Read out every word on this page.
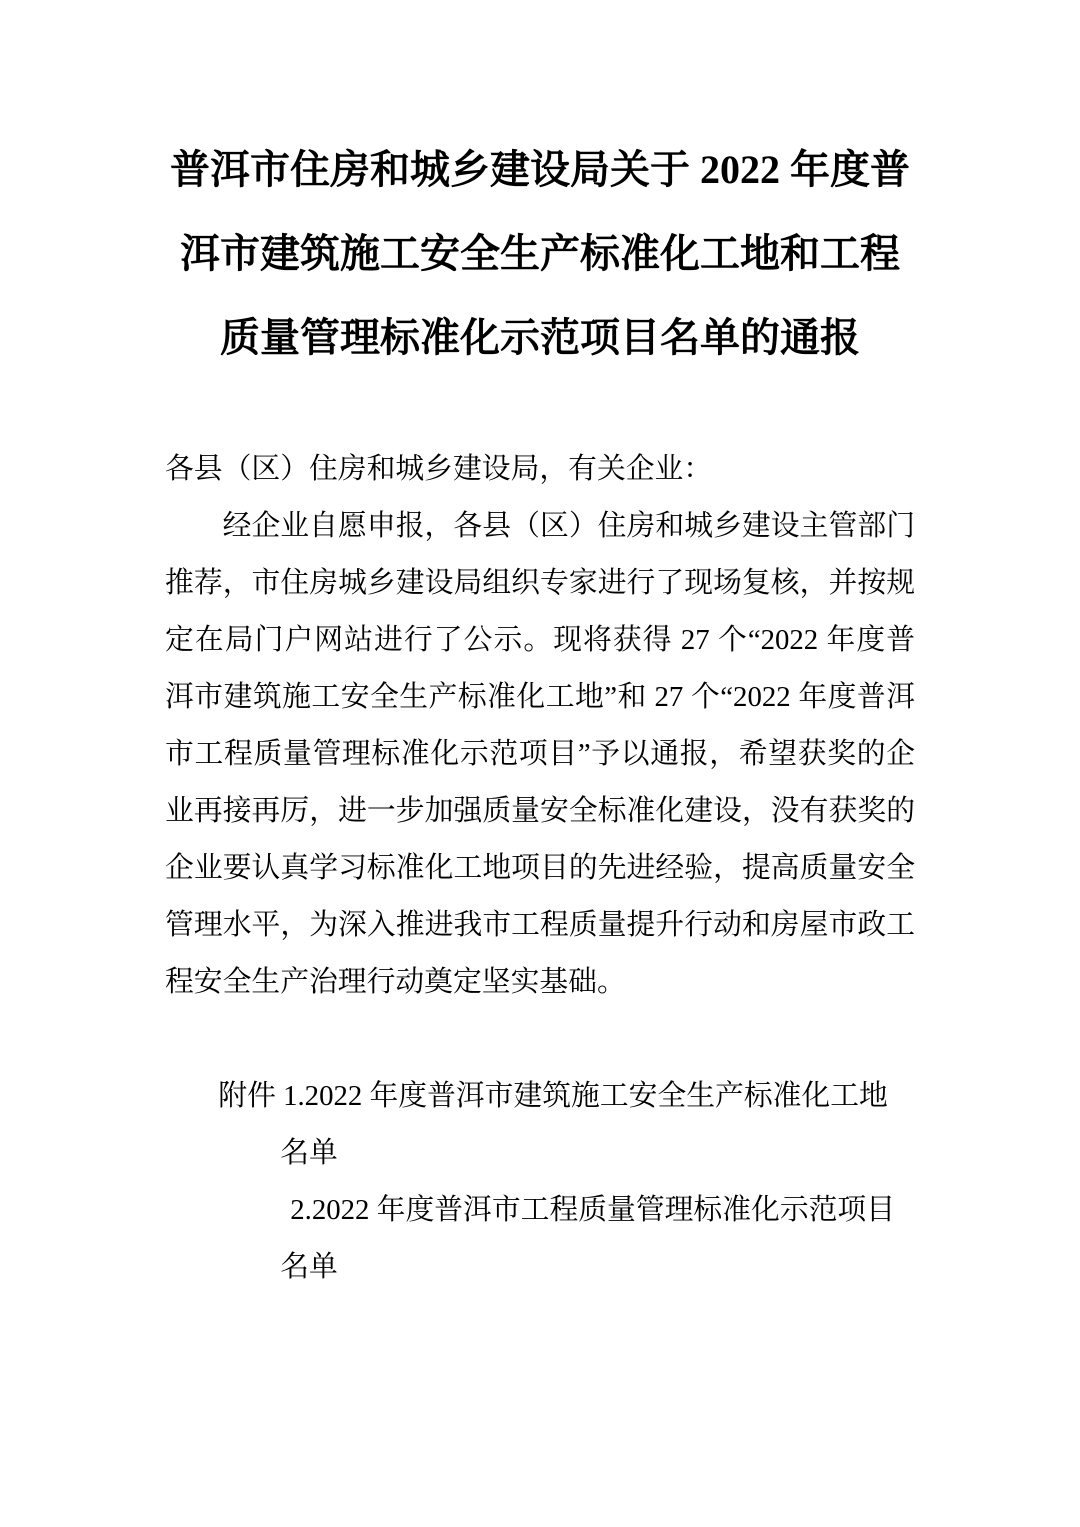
普洱市住房和城乡建设局关于 2022 年度普洱市建筑施工安全生产标准化工地和工程质量管理标准化示范项目名单的通报
各县（区）住房和城乡建设局，有关企业：

经企业自愿申报，各县（区）住房和城乡建设主管部门推荐，市住房城乡建设局组织专家进行了现场复核，并按规定在局门户网站进行了公示。现将获得 27 个“2022 年度普洱市建筑施工安全生产标准化工地”和 27 个“2022 年度普洱市工程质量管理标准化示范项目”予以通报，希望获奖的企业再接再厉，进一步加强质量安全标准化建设，没有获奖的企业要认真学习标准化工地项目的先进经验，提高质量安全管理水平，为深入推进我市工程质量提升行动和房屋市政工程安全生产治理行动奠定坚实基础。

附件 1.2022 年度普洱市建筑施工安全生产标准化工地名单
2.2022 年度普洱市工程质量管理标准化示范项目名单
